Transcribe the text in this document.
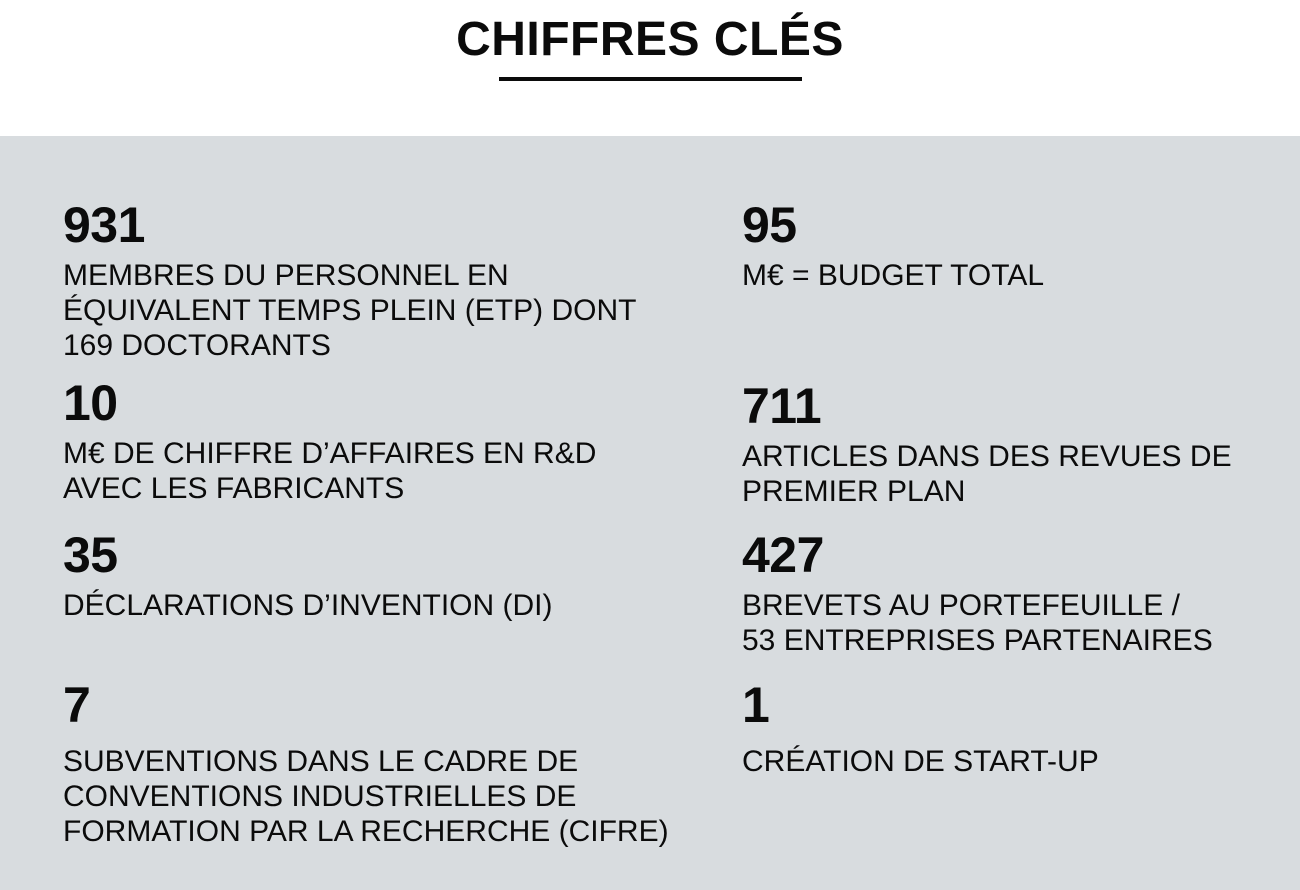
CHIFFRES CLÉS
931
MEMBRES DU PERSONNEL EN
ÉQUIVALENT TEMPS PLEIN (ETP) DONT
169 DOCTORANTS
10
M€ DE CHIFFRE D’AFFAIRES EN R&D
AVEC LES FABRICANTS
35
DÉCLARATIONS D’INVENTION (DI)
7
SUBVENTIONS DANS LE CADRE DE
CONVENTIONS INDUSTRIELLES DE
FORMATION PAR LA RECHERCHE (CIFRE)
95
M€ = BUDGET TOTAL
711
ARTICLES DANS DES REVUES DE
PREMIER PLAN
427
BREVETS AU PORTEFEUILLE /
53 ENTREPRISES PARTENAIRES
1
CRÉATION DE START-UP
